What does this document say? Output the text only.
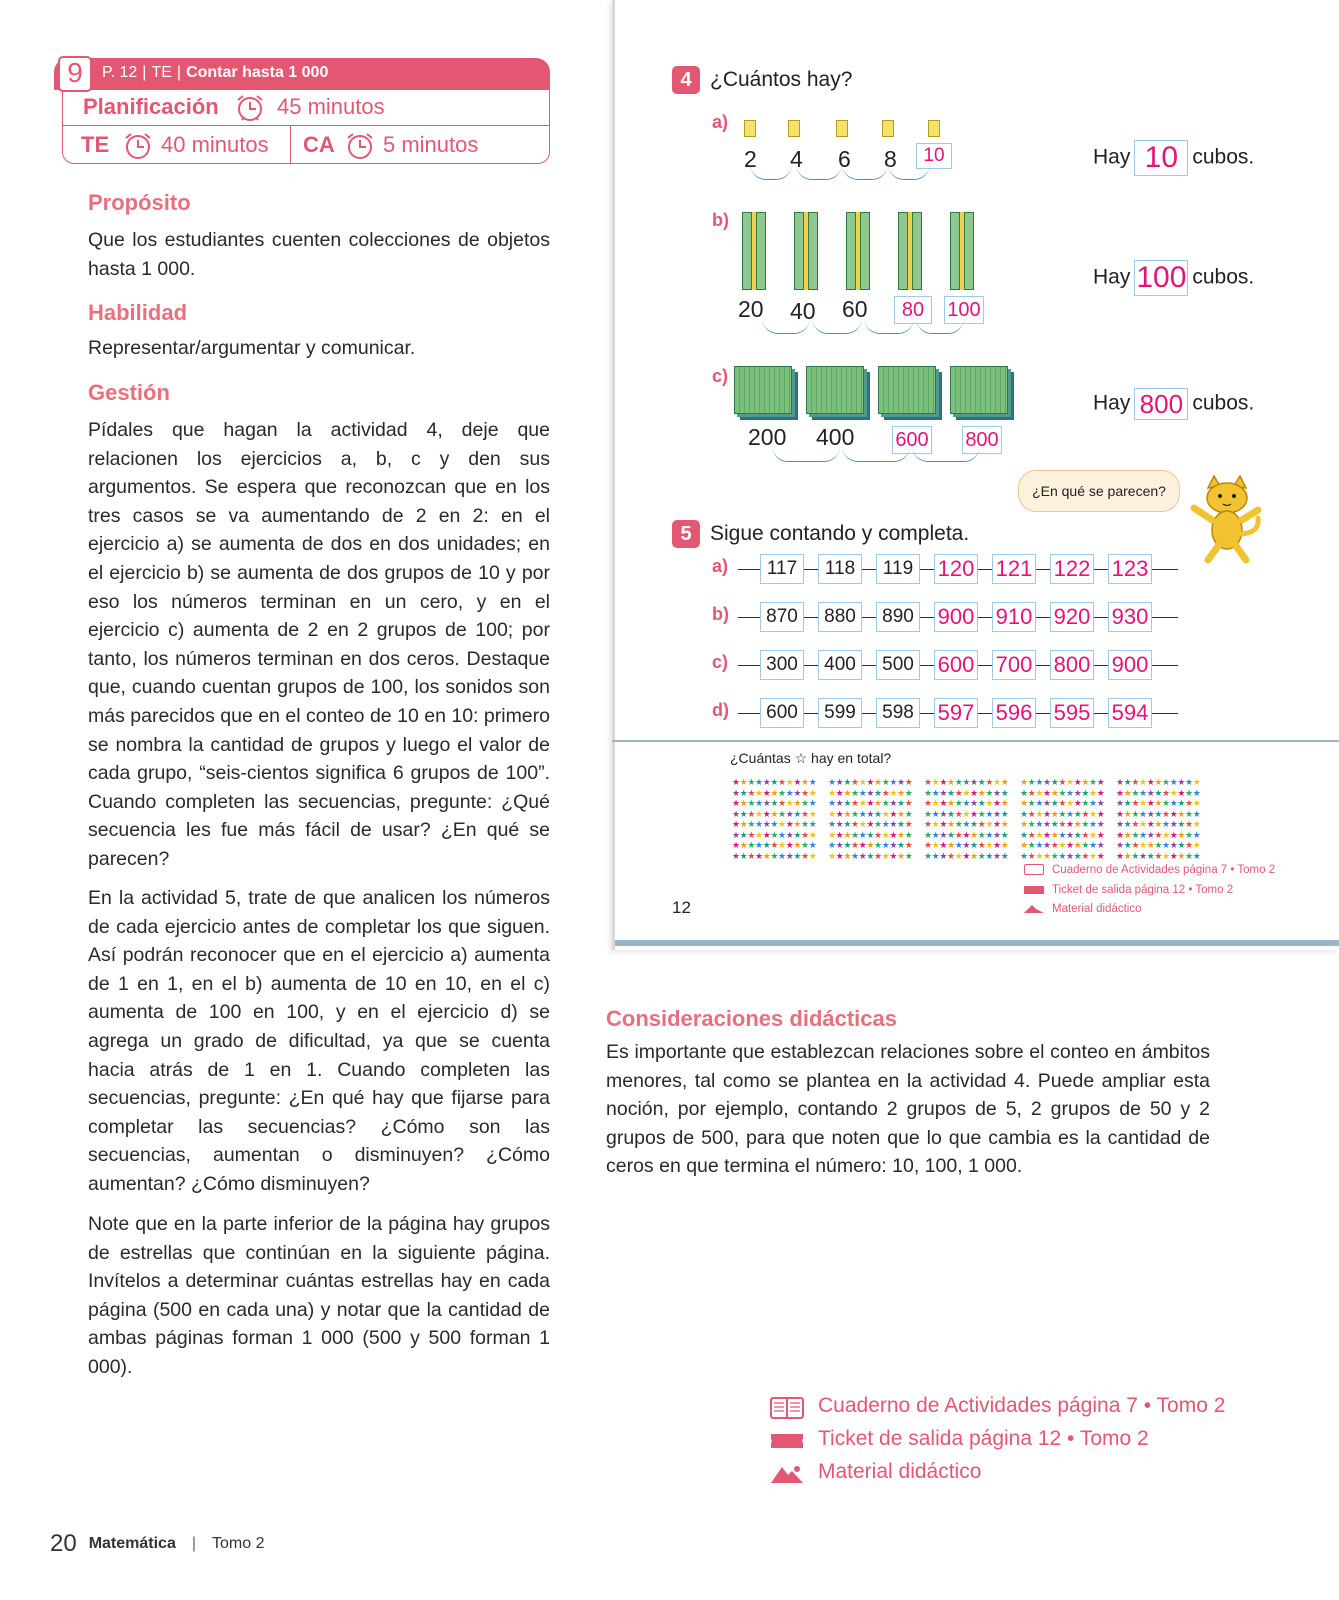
9	P. 12 | TE | Contar hasta 1 000
Planificación	45 minutos
TE 40 minutos CA 5 minutos
Propósito
Que los estudiantes cuenten colecciones de objetos hasta 1 000.
Habilidad
Representar/argumentar y comunicar.
Gestión
Pídales que hagan la actividad 4, deje que relacionen los ejercicios a, b, c y den sus argumentos. Se espera que reconozcan que en los tres casos se va aumentando de 2 en 2: en el ejercicio a) se aumenta de dos en dos unidades; en el ejercicio b) se aumenta de dos grupos de 10 y por eso los números terminan en un cero, y en el ejercicio c) aumenta de 2 en 2 grupos de 100; por tanto, los números terminan en dos ceros. Destaque que, cuando cuentan grupos de 100, los sonidos son más parecidos que en el conteo de 10 en 10: primero se nombra la cantidad de grupos y luego el valor de cada grupo, “seis-cientos significa 6 grupos de 100”. Cuando completen las secuencias, pregunte: ¿Qué secuencia les fue más fácil de usar? ¿En qué se parecen?
En la actividad 5, trate de que analicen los números de cada ejercicio antes de completar los que siguen. Así podrán reconocer que en el ejercicio a) aumenta de 1 en 1, en el b) aumenta de 10 en 10, en el c) aumenta de 100 en 100, y en el ejercicio d) se agrega un grado de dificultad, ya que se cuenta hacia atrás de 1 en 1. Cuando completen las secuencias, pregunte: ¿En qué hay que fijarse para completar las secuencias? ¿Cómo son las secuencias, aumentan o disminuyen? ¿Cómo aumentan? ¿Cómo disminuyen?
Note que en la parte inferior de la página hay grupos de estrellas que continúan en la siguiente página. Invítelos a determinar cuántas estrellas hay en cada página (500 en cada una) y notar que la cantidad de ambas páginas forman 1 000 (500 y 500 forman 1 000).
20 Matemática | Tomo 2
4 ¿Cuántos hay?
a)
2 4 6 8	10	Hay 10 cubos.
b)
20 40 60	80	100
Hay 100 cubos.
c)
200 400 600 800
Hay 800 cubos.
¿En qué se parecen?
5 Sigue contando y completa.
a)	117	118	119	120 121 122 123
b)	870	880	890 900 910 920 930
c)	300	400	500 600 700 800 900
d)	600	599	598 597 596 595 594
¿Cuántas ☆ hay en total?
★★★★★★★★★★★★★★★★★★★★★★★★★★★★★★★★★★★★★★★★★★★★★★★★★★★★★★★★★★★★★★★★★★★★★★★★★★★★★★★★★★★★★★★★
★★★★★★★★★★★★★★★★★★★★★★★★★★★★★★★★★★★★★★★★★★★★★★★★★★★★★★★★★★★★★★★★★★★★★★★★★★★★★★★★★★★★★★★★
★★★★★★★★★★★★★★★★★★★★★★★★★★★★★★★★★★★★★★★★★★★★★★★★★★★★★★★★★★★★★★★★★★★★★★★★★★★★★★★★★★★★★★★★
★★★★★★★★★★★★★★★★★★★★★★★★★★★★★★★★★★★★★★★★★★★★★★★★★★★★★★★★★★★★★★★★★★★★★★★★★★★★★★★★★★★★★★★★
★★★★★★★★★★★★★★★★★★★★★★★★★★★★★★★★★★★★★★★★★★★★★★★★★★★★★★★★★★★★★★★★★★★★★★★★★★★★★★★★★★★★★★★★
Cuaderno de Actividades página 7 • Tomo 2
Ticket de salida página 12 • Tomo 2
Material didáctico
12
Consideraciones didácticas
Es importante que establezcan relaciones sobre el conteo en ámbitos menores, tal como se plantea en la actividad 4. Puede ampliar esta noción, por ejemplo, contando 2 grupos de 5, 2 grupos de 50 y 2 grupos de 500, para que noten que lo que cambia es la cantidad de ceros en que termina el número: 10, 100, 1 000.
Cuaderno de Actividades página 7 • Tomo 2
Ticket de salida página 12 • Tomo 2
Material didáctico
